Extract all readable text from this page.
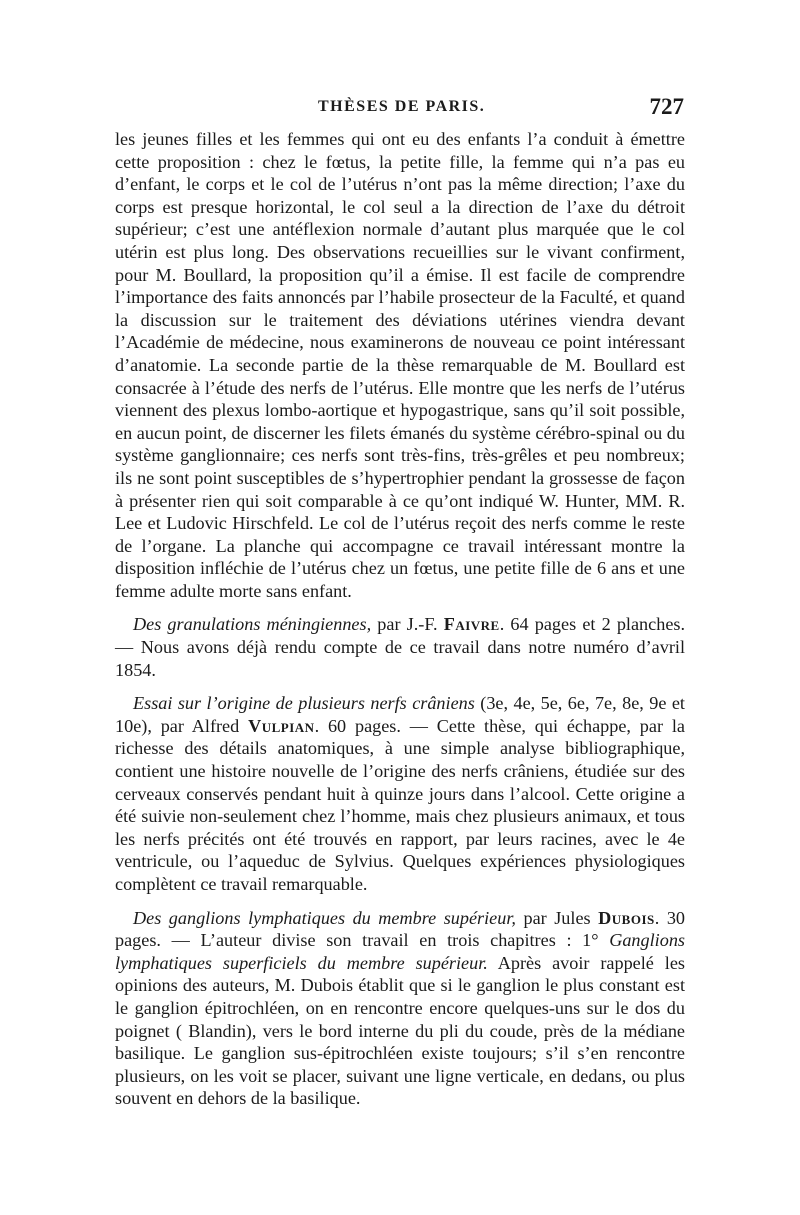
THÈSES DE PARIS.	727

les jeunes filles et les femmes qui ont eu des enfants l’a conduit à émettre cette proposition : chez le fœtus, la petite fille, la femme qui n’a pas eu d’enfant, le corps et le col de l’utérus n’ont pas la même direction; l’axe du corps est presque horizontal, le col seul a la direction de l’axe du détroit supérieur; c’est une antéflexion normale d’autant plus marquée que le col utérin est plus long. Des observations recueillies sur le vivant confirment, pour M. Boullard, la proposition qu’il a émise. Il est facile de comprendre l’importance des faits annoncés par l’habile prosecteur de la Faculté, et quand la discussion sur le traitement des déviations utérines viendra devant l’Académie de médecine, nous examinerons de nouveau ce point intéressant d’anatomie. La seconde partie de la thèse remarquable de M. Boullard est consacrée à l’étude des nerfs de l’utérus. Elle montre que les nerfs de l’utérus viennent des plexus lombo-aortique et hypogastrique, sans qu’il soit possible, en aucun point, de discerner les filets émanés du système cérébro-spinal ou du système ganglionnaire; ces nerfs sont très-fins, très-grêles et peu nombreux; ils ne sont point susceptibles de s’hypertrophier pendant la grossesse de façon à présenter rien qui soit comparable à ce qu’ont indiqué W. Hunter, MM. R. Lee et Ludovic Hirschfeld. Le col de l’utérus reçoit des nerfs comme le reste de l’organe. La planche qui accompagne ce travail intéressant montre la disposition infléchie de l’utérus chez un fœtus, une petite fille de 6 ans et une femme adulte morte sans enfant.

Des granulations méningiennes, par J.-F. Faivre. 64 pages et 2 planches. — Nous avons déjà rendu compte de ce travail dans notre numéro d’avril 1854.

Essai sur l’origine de plusieurs nerfs crâniens (3e, 4e, 5e, 6e, 7e, 8e, 9e et 10e), par Alfred Vulpian. 60 pages. — Cette thèse, qui échappe, par la richesse des détails anatomiques, à une simple analyse bibliographique, contient une histoire nouvelle de l’origine des nerfs crâniens, étudiée sur des cerveaux conservés pendant huit à quinze jours dans l’alcool. Cette origine a été suivie non-seulement chez l’homme, mais chez plusieurs animaux, et tous les nerfs précités ont été trouvés en rapport, par leurs racines, avec le 4e ventricule, ou l’aqueduc de Sylvius. Quelques expériences physiologiques complètent ce travail remarquable.

Des ganglions lymphatiques du membre supérieur, par Jules Dubois. 30 pages. — L’auteur divise son travail en trois chapitres : 1° Ganglions lymphatiques superficiels du membre supérieur. Après avoir rappelé les opinions des auteurs, M. Dubois établit que si le ganglion le plus constant est le ganglion épitrochléen, on en rencontre encore quelques-uns sur le dos du poignet ( Blandin), vers le bord interne du pli du coude, près de la médiane basilique. Le ganglion sus-épitrochléen existe toujours; s’il s’en rencontre plusieurs, on les voit se placer, suivant une ligne verticale, en dedans, ou plus souvent en dehors de la basilique.
